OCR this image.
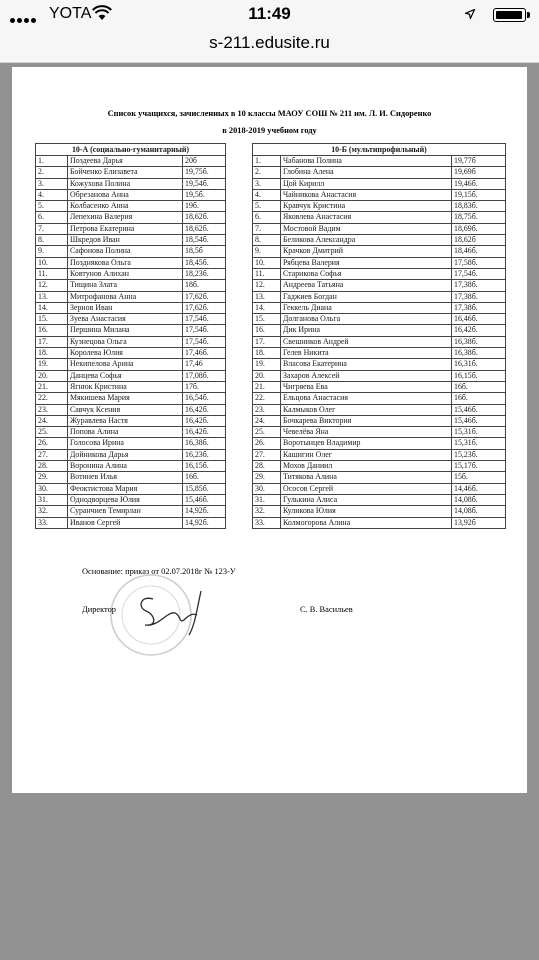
YOTA	11:49
s-211.edusite.ru
Список учащихся, зачисленных в 10 классы МАОУ СОШ № 211 им. Л. И. Сидоренко
в 2018-2019 учебном году
10-А (социально-гуманитарный)		
1.	Поздеева Дарья	20б
2.	Бойченко Елизавета	19,75б.
3.	Кожухова Полина	19,54б.
4.	Обрезанова Анна	19,5б.
5.	Колбасенко Анна	19б.
6.	Лепехина Валерия	18,62б.
7.	Петрова Екатерина	18,62б.
8.	Шкредов Иван	18,54б.
9.	Сафонова Полина	18,5б
10.	Позднякова Ольга	18,45б.
11.	Ковтунов Алихан	18,23б.
12.	Тищина Злата	18б.
13.	Митрофанова Анна	17,62б.
14.	Зернов Иван	17,62б.
15.	Зуева Анастасия	17,54б.
16.	Першина Милана	17,54б.
17.	Кузнецова Ольга	17,54б.
18.	Королева Юлия	17,46б.
19.	Некипелова Арина	17,46
20.	Данцева Софья	17,08б.
21.	Ягнюк Кристина	17б.
22.	Мякишева Мария	16,54б.
23.	Савчук Ксения	16,42б.
24.	Журавлева Настя	16,42б.
25.	Попова Алина	16,42б.
26.	Голосова Ирина	16,38б.
27.	Дойникова Дарья	16,23б.
28.	Воронина Алина	16,15б.
29.	Вотинев Илья	16б.
30.	Феоктистова Мария	15,85б.
31.	Однодворцева Юлия	15,46б.
32.	Суранчиев Темирлан	14,92б.
33.	Иванов Сергей	14,92б.
10-Б (мультипрофильный)		
1.	Чабанова Полина	19,77б
2.	Глобина Алена	19,69б
3.	Цой Кирилл	19,46б.
4.	Чайникова Анастасия	19,15б.
5.	Кравчук Кристина	18,83б.
6.	Яковлева Анастасия	18,75б.
7.	Мостовой Вадим	18,69б.
8.	Беликова Александра	18,62б
9.	Крачков Дмитрий	18,46б.
10.	Рябцева Валерия	17,58б.
11.	Стариковa Софья	17,54б.
12.	Андреева Татьяна	17,38б.
13.	Гаджиев Богдан	17,38б.
14.	Геккель Диана	17,38б.
15.	Долганова Ольга	16,46б.
16.	Дик Ирина	16,42б.
17.	Свешников Андрей	16,38б.
18.	Гелев Никита	16,38б.
19.	Власова Екатерина	16,31б.
20.	Захаров Алексей	16,15б.
21.	Чигряева Ева	16б.
22.	Ельцова Анастасия	16б.
23.	Калмыков Олег	15,46б.
24.	Бочкарева Виктория	15,46б.
25.	Чевелёва Яна	15,31б.
26.	Воротынцев Владимир	15,31б.
27.	Кашигин Олег	15,23б.
28.	Мохов Даниил	15,17б.
29.	Титякова Алина	15б.
30.	Ососов Сергей	14,46б.
31.	Гулькина Алиса	14,08б.
32.	Куликова Юлия	14,08б.
33.	Колмогорова Алина	13,92б
Основание: приказ от 02.07.2018г № 123-У
Директор	С. В. Васильев
